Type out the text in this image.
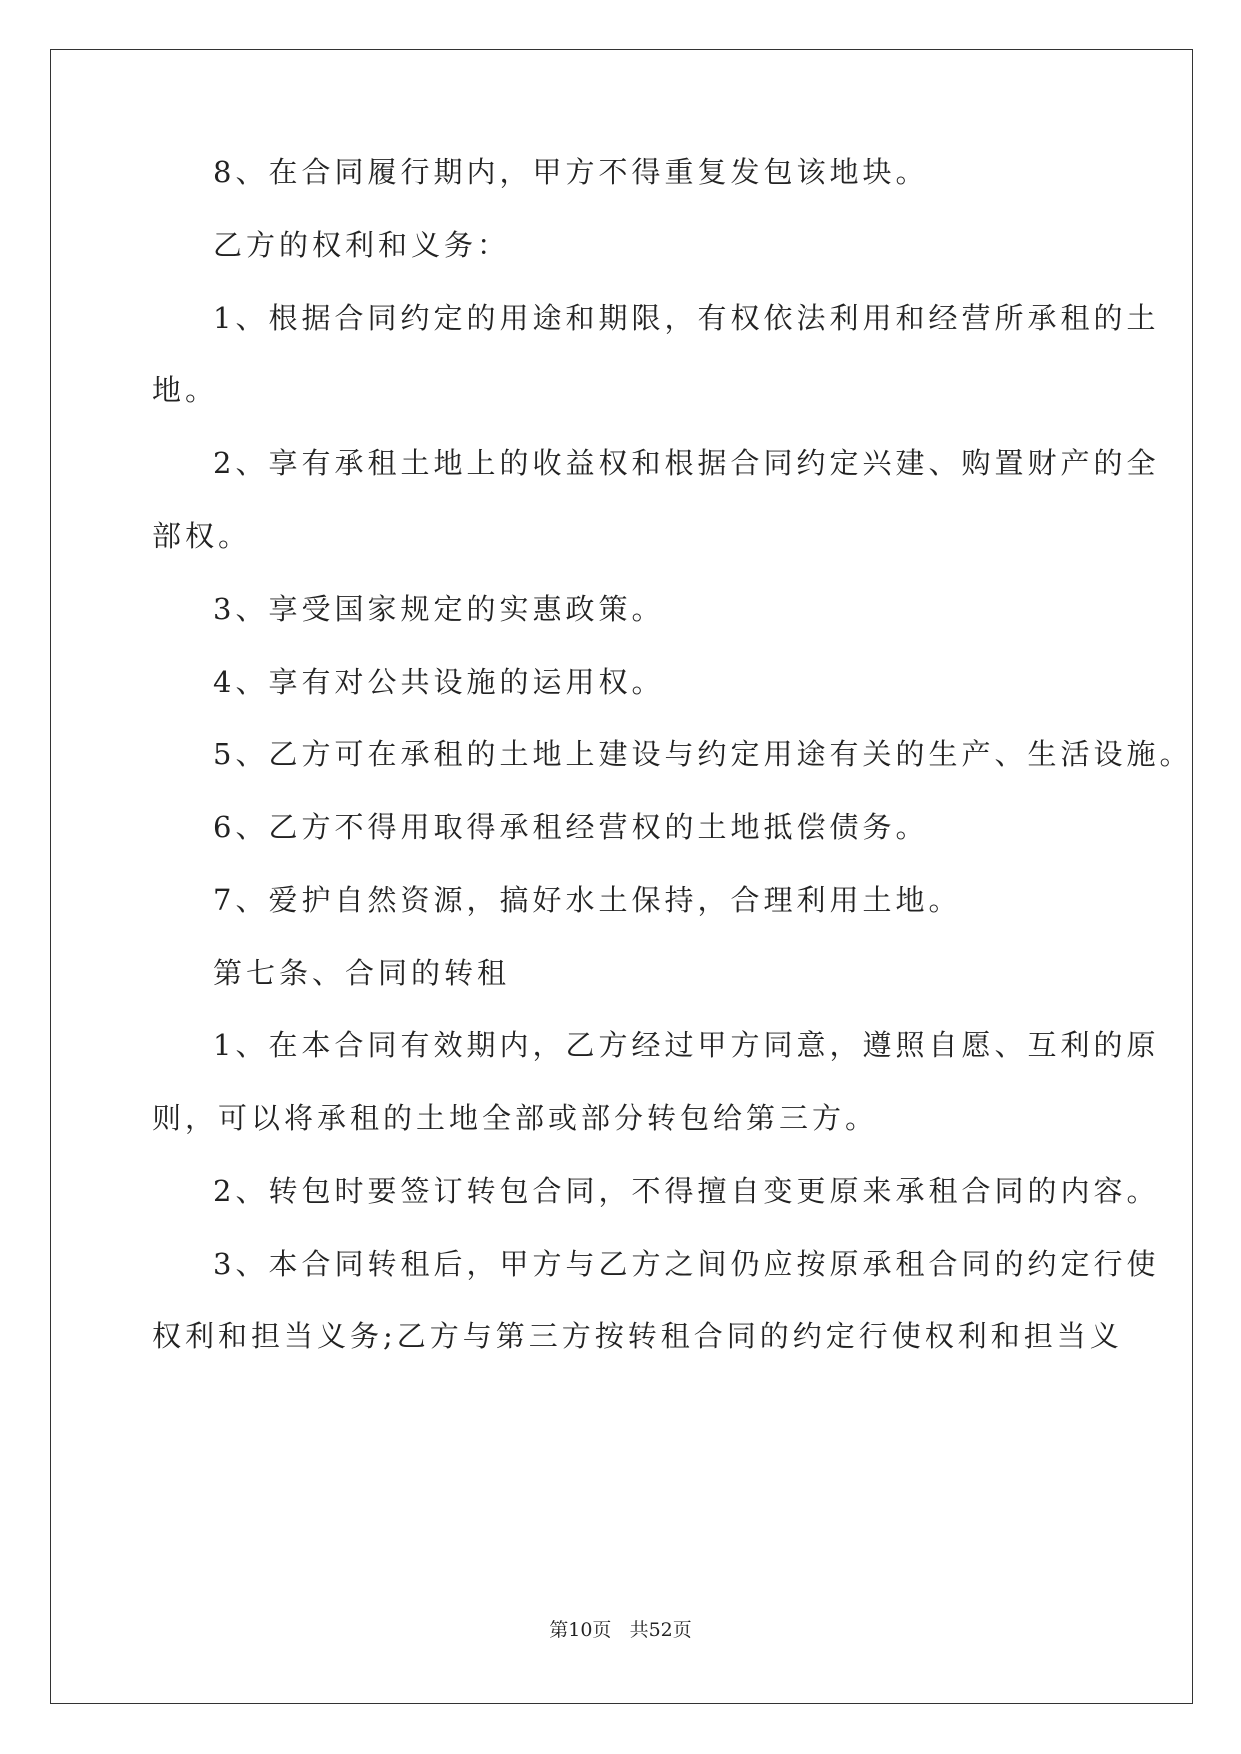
8、在合同履行期内，甲方不得重复发包该地块。
乙方的权利和义务：
1、根据合同约定的用途和期限，有权依法利用和经营所承租的土
地。
2、享有承租土地上的收益权和根据合同约定兴建、购置财产的全
部权。
3、享受国家规定的实惠政策。
4、享有对公共设施的运用权。
5、乙方可在承租的土地上建设与约定用途有关的生产、生活设施。
6、乙方不得用取得承租经营权的土地抵偿债务。
7、爱护自然资源，搞好水土保持，合理利用土地。
第七条、合同的转租
1、在本合同有效期内，乙方经过甲方同意，遵照自愿、互利的原
则，可以将承租的土地全部或部分转包给第三方。
2、转包时要签订转包合同，不得擅自变更原来承租合同的内容。
3、本合同转租后，甲方与乙方之间仍应按原承租合同的约定行使
权利和担当义务;乙方与第三方按转租合同的约定行使权利和担当义
第10页 共52页
